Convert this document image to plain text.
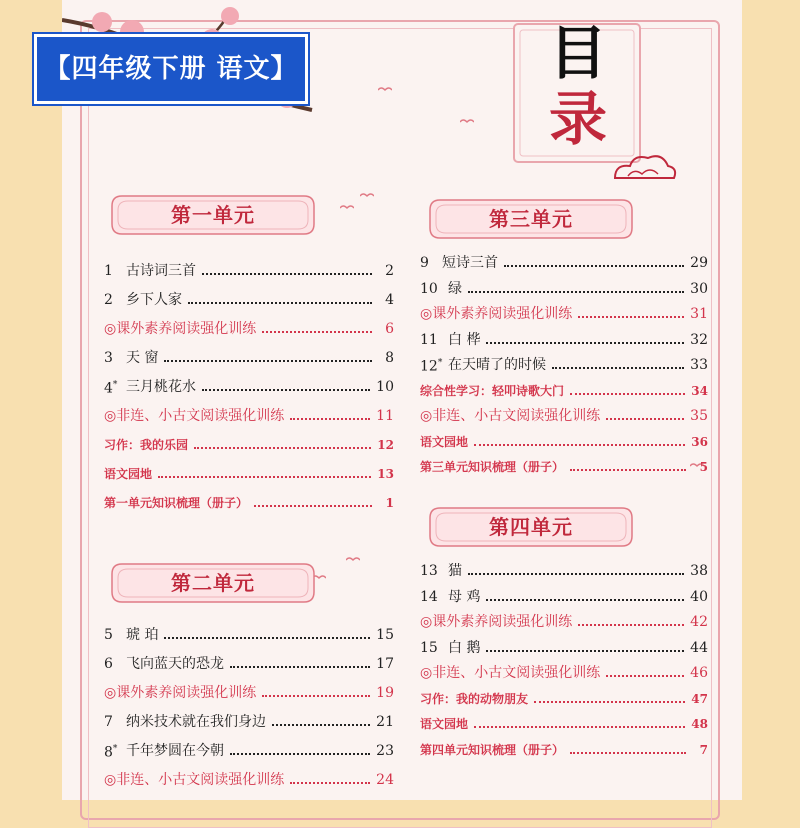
【四年级下册 语文】	目
录
第一单元
1 古诗词三首	2
2 乡下人家	4
◎课外素养阅读强化训练	6
3 天 窗	8
4* 三月桃花水	10
◎非连、小古文阅读强化训练	11
习作：我的乐园	12
语文园地	13
第一单元知识梳理（册子）	1
第二单元
5 琥 珀	15
6 飞向蓝天的恐龙	17
◎课外素养阅读强化训练	19
7 纳米技术就在我们身边	21
8* 千年梦圆在今朝	23
◎非连、小古文阅读强化训练	24
第三单元
9 短诗三首	29
10 绿	30
◎课外素养阅读强化训练	31
11 白 桦	32
12* 在天晴了的时候	33
综合性学习：轻叩诗歌大门	34
◎非连、小古文阅读强化训练	35
语文园地	36
第三单元知识梳理（册子）	5
第四单元
13 猫	38
14 母 鸡	40
◎课外素养阅读强化训练	42
15 白 鹅	44
◎非连、小古文阅读强化训练	46
习作：我的动物朋友	47
语文园地	48
第四单元知识梳理（册子）	7
